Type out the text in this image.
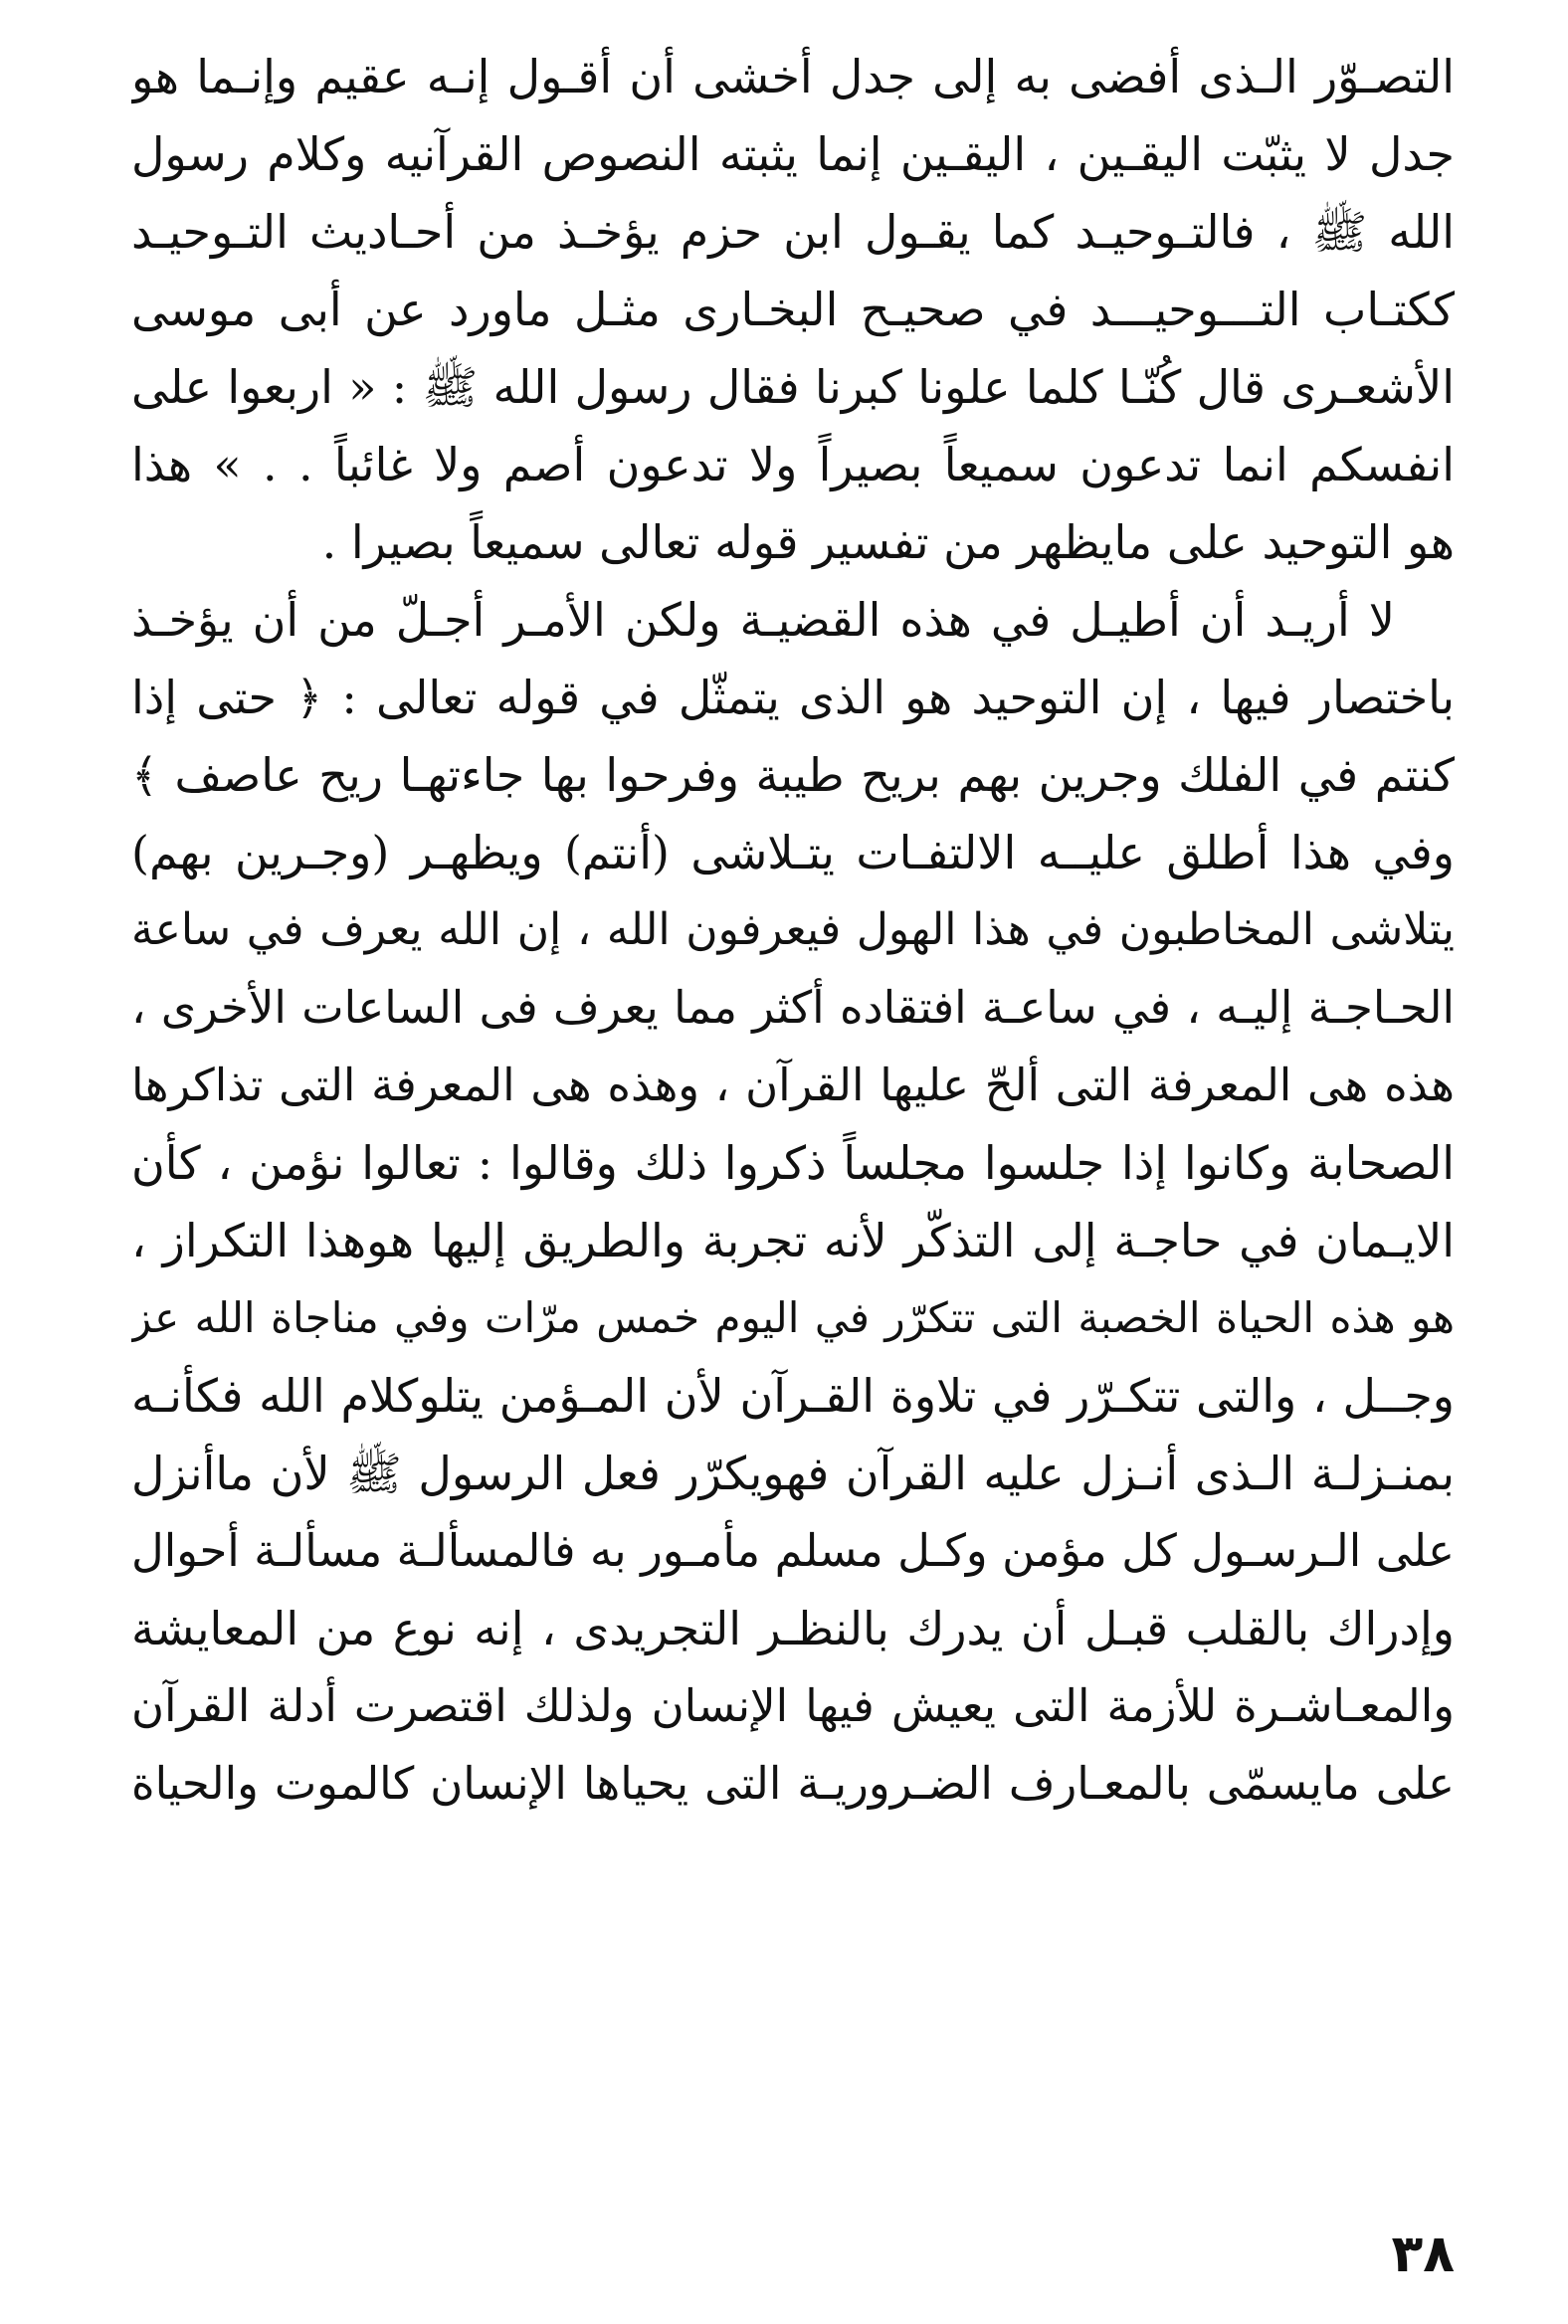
التصـوّر الـذى أفضى به إلى جدل أخشى أن أقـول إنـه عقيم وإنـما هو
جدل لا يثبّت اليقـين ، اليقـين إنما يثبته النصوص القرآنيه وكلام رسول
الله ﷺ ، فالتـوحيـد كما يقـول ابن حزم يؤخـذ من أحـاديث التـوحيـد
ككتـاب التـــوحيـــد في صحيـح البخـارى مثـل ماورد عن أبى موسى
الأشعـرى قال كُنّـا كلما علونا كبرنا فقال رسول الله ﷺ : « اربعوا على
انفسكم انما تدعون سميعاً بصيراً ولا تدعون أصم ولا غائباً . . » هذا
هو التوحيد على مايظهر من تفسير قوله تعالى سميعاً بصيرا .
لا أريـد أن أطيـل في هذه القضيـة ولكن الأمـر أجـلّ من أن يؤخـذ
باختصار فيها ، إن التوحيد هو الذى يتمثّل في قوله تعالى : ﴿ حتى إذا
كنتم في الفلك وجرين بهم بريح طيبة وفرحوا بها جاءتهـا ريح عاصف ﴾
وفي هذا أطلق عليــه الالتفـات يتـلاشى (أنتم) ويظهـر (وجـرين بهم)
يتلاشى المخاطبون في هذا الهول فيعرفون الله ، إن الله يعرف في ساعة
الحـاجـة إليـه ، في ساعـة افتقاده أكثر مما يعرف فى الساعات الأخرى ،
هذه هى المعرفة التى ألحّ عليها القرآن ، وهذه هى المعرفة التى تذاكرها
الصحابة وكانوا إذا جلسوا مجلساً ذكروا ذلك وقالوا : تعالوا نؤمن ، كأن
الايـمان في حاجـة إلى التذكّر لأنه تجربة والطريق إليها هوهذا التكراز ،
هو هذه الحياة الخصبة التى تتكرّر في اليوم خمس مرّات وفي مناجاة الله عز
وجــل ، والتى تتكـرّر في تلاوة القـرآن لأن المـؤمن يتلوكلام الله فكأنـه
بمنـزلـة الـذى أنـزل عليه القرآن فهويكرّر فعل الرسول ﷺ لأن ماأنزل
على الـرسـول كل مؤمن وكـل مسلم مأمـور به فالمسألـة مسألـة أحوال
وإدراك بالقلب قبـل أن يدرك بالنظـر التجريدى ، إنه نوع من المعايشة
والمعـاشـرة للأزمة التى يعيش فيها الإنسان ولذلك اقتصرت أدلة القرآن
على مايسمّى بالمعـارف الضـروريـة التى يحياها الإنسان كالموت والحياة
٣٨
